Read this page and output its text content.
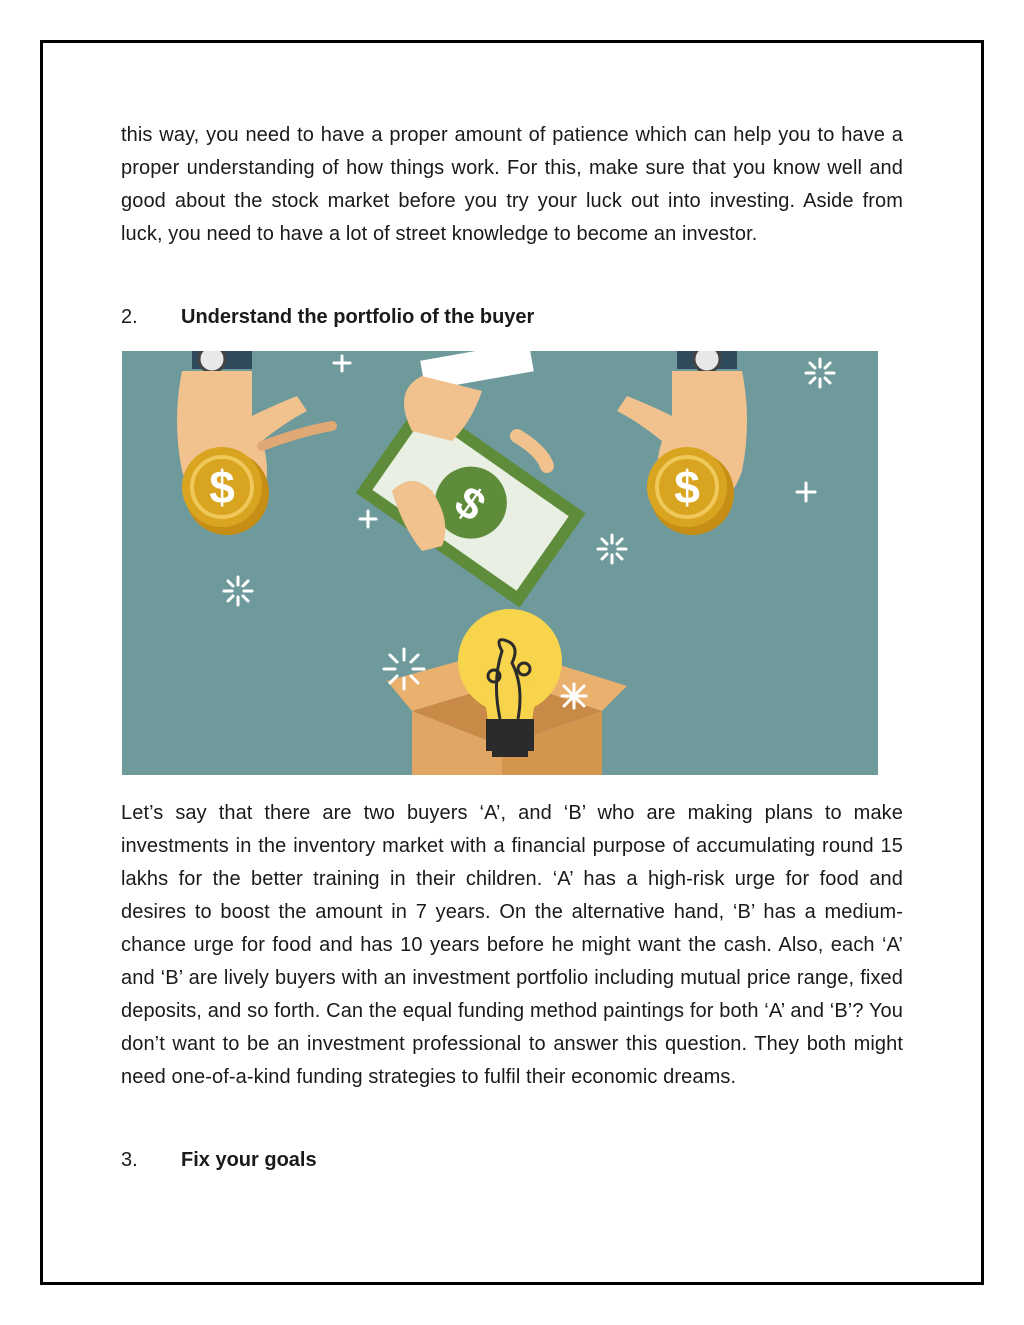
this way, you need to have a proper amount of patience which can help you to have a proper understanding of how things work. For this, make sure that you know well and good about the stock market before you try your luck out into investing. Aside from luck, you need to have a lot of street knowledge to become an investor.

2.	Understand the portfolio of the buyer
$	$
$

Let’s say that there are two buyers ‘A’, and ‘B’ who are making plans to make investments in the inventory market with a financial purpose of accumulating round 15 lakhs for the better training in their children. ‘A’ has a high-risk urge for food and desires to boost the amount in 7 years. On the alternative hand, ‘B’ has a medium-chance urge for food and has 10 years before he might want the cash. Also, each ‘A’ and ‘B’ are lively buyers with an investment portfolio including mutual price range, fixed deposits, and so forth. Can the equal funding method paintings for both ‘A’ and ‘B’? You don’t want to be an investment professional to answer this question. They both might need one-of-a-kind funding strategies to fulfil their economic dreams.

3.	Fix your goals
